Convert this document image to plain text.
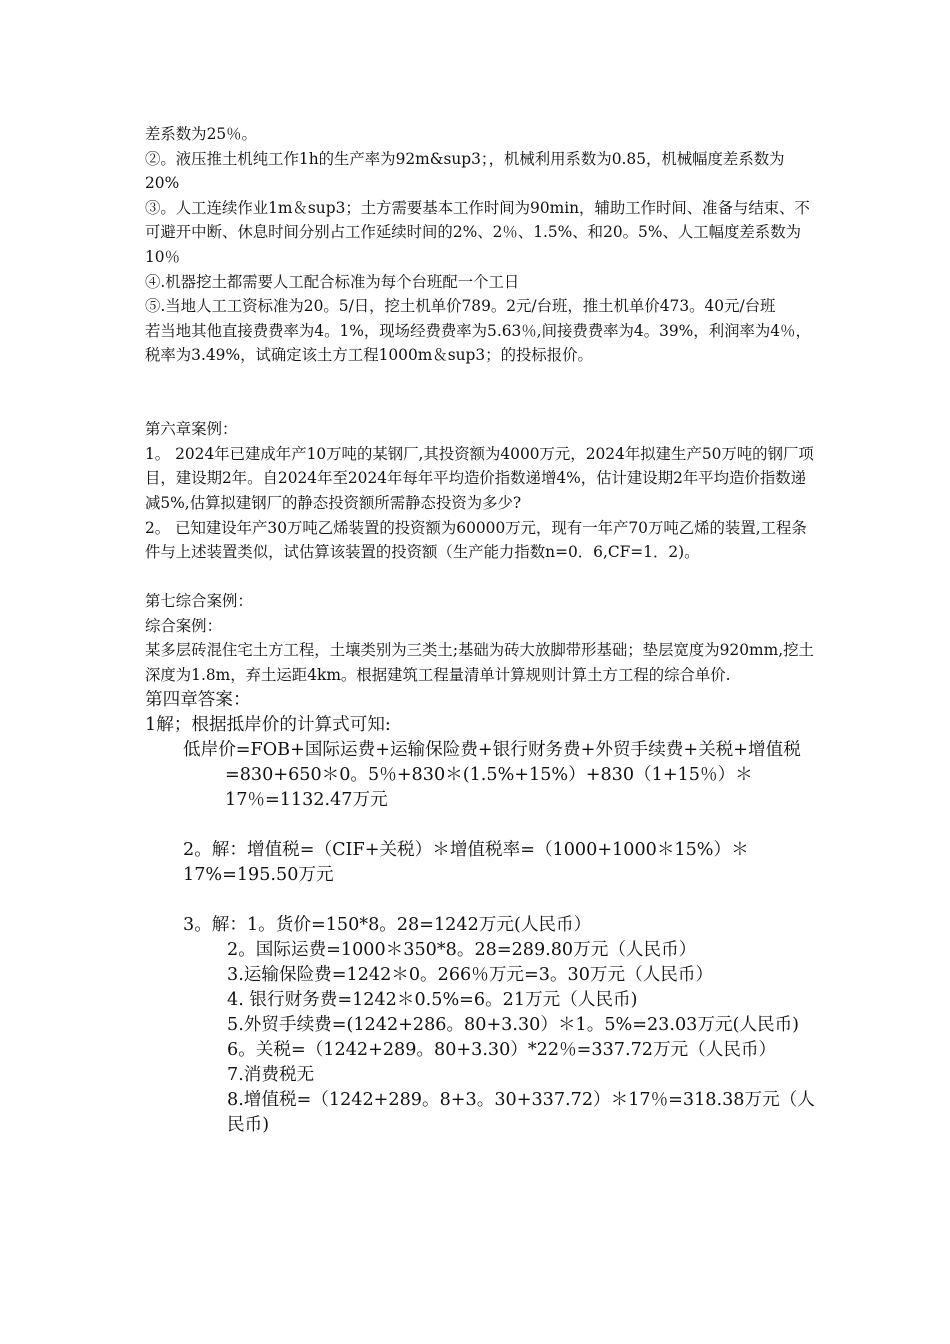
差系数为25％。

②。液压推土机纯工作1h的生产率为92m&sup3；，机械利用系数为0.85，机械幅度差系数为20%

③。人工连续作业1m＆sup3；土方需要基本工作时间为90min，辅助工作时间、准备与结束、不可避开中断、休息时间分别占工作延续时间的2%、2％、1.5%、和20。5%、人工幅度差系数为10％

④.机器挖土都需要人工配合标准为每个台班配一个工日

⑤.当地人工工资标准为20。5/日，挖土机单价789。2元/台班，推土机单价473。40元/台班

若当地其他直接费费率为4。1%，现场经费费率为5.63％,间接费费率为4。39%，利润率为4％，税率为3.49%，试确定该土方工程1000m＆sup3；的投标报价。

第六章案例：

1。 2024年已建成年产10万吨的某钢厂,其投资额为4000万元，2024年拟建生产50万吨的钢厂项目，建设期2年。自2024年至2024年每年平均造价指数递增4%，估计建设期2年平均造价指数递减5%,估算拟建钢厂的静态投资额所需静态投资为多少?

2。 已知建设年产30万吨乙烯装置的投资额为60000万元，现有一年产70万吨乙烯的装置,工程条件与上述装置类似，试估算该装置的投资额（生产能力指数n=0．6,CF=1．2)。

第七综合案例：

综合案例：

某多层砖混住宅土方工程，土壤类别为三类土;基础为砖大放脚带形基础；垫层宽度为920mm,挖土深度为1.8m，弃土运距4km。根据建筑工程量清单计算规则计算土方工程的综合单价.

第四章答案：

1解；根据抵岸价的计算式可知:

低岸价=FOB+国际运费+运输保险费+银行财务费+外贸手续费+关税+增值税

=830+650＊0。5％+830＊(1.5%+15%）+830（1+15％）＊17％=1132.47万元

2。解：增值税=（CIF+关税）＊增值税率=（1000+1000＊15%）＊17%=195.50万元

3。解：1。货价=150*8。28=1242万元(人民币）

2。国际运费=1000＊350*8。28=289.80万元（人民币）

3.运输保险费=1242＊0。266％万元=3。30万元（人民币）

4. 银行财务费=1242＊0.5%=6。21万元（人民币)

5.外贸手续费=(1242+286。80+3.30）＊1。5%=23.03万元(人民币)

6。关税=（1242+289。80+3.30）*22％=337.72万元（人民币）

7.消费税无

8.增值税=（1242+289。8+3。30+337.72）＊17％=318.38万元（人民币)
